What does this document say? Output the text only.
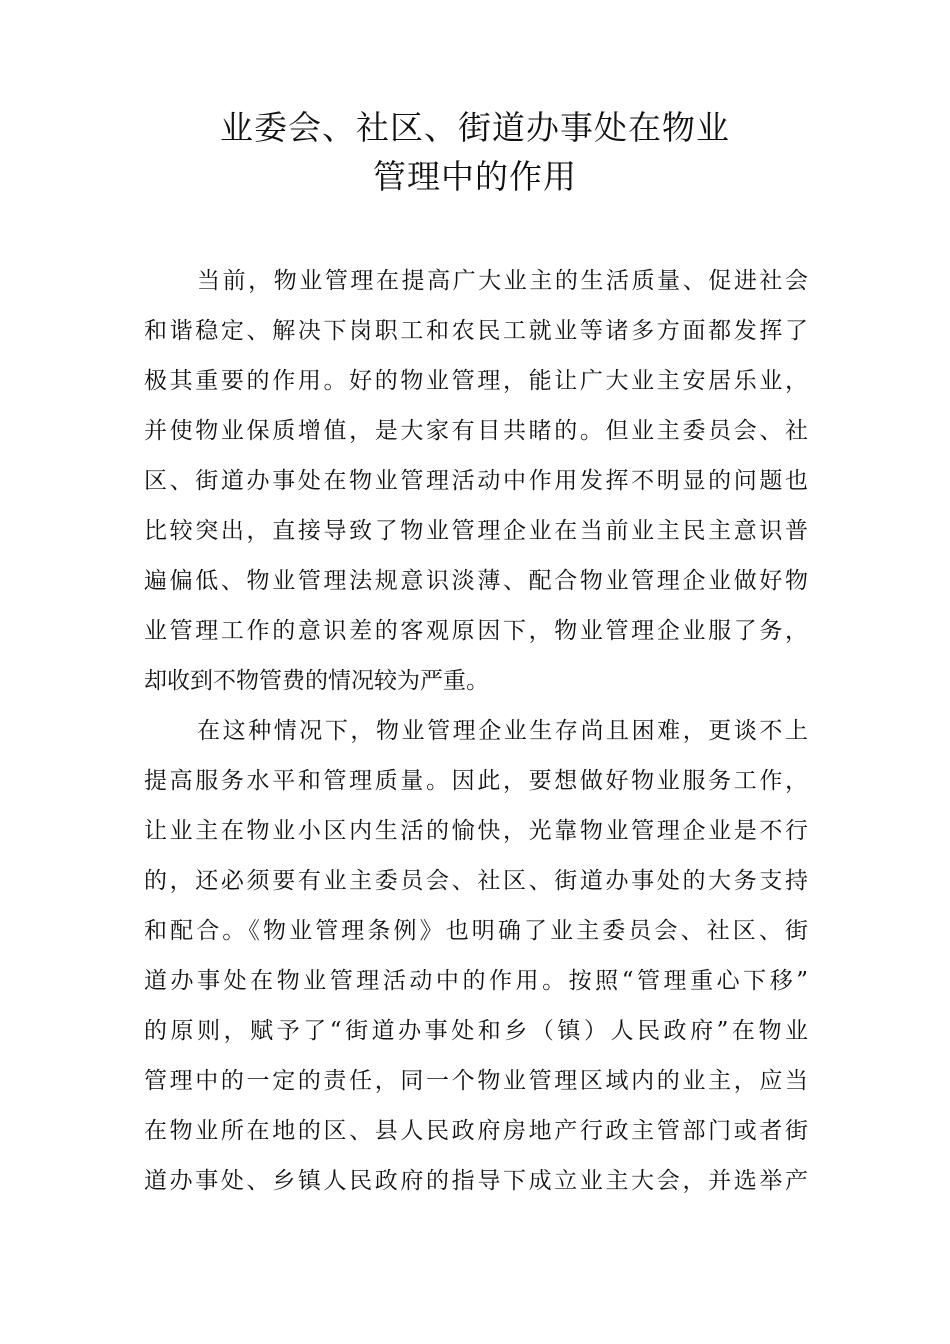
业委会、社区、街道办事处在物业
管理中的作用
当前，物业管理在提高广大业主的生活质量、促进社会
和谐稳定、解决下岗职工和农民工就业等诸多方面都发挥了
极其重要的作用。好的物业管理，能让广大业主安居乐业，
并使物业保质增值，是大家有目共睹的。但业主委员会、社
区、街道办事处在物业管理活动中作用发挥不明显的问题也
比较突出，直接导致了物业管理企业在当前业主民主意识普
遍偏低、物业管理法规意识淡薄、配合物业管理企业做好物
业管理工作的意识差的客观原因下，物业管理企业服了务，
却收到不物管费的情况较为严重。
在这种情况下，物业管理企业生存尚且困难，更谈不上
提高服务水平和管理质量。因此，要想做好物业服务工作，
让业主在物业小区内生活的愉快，光靠物业管理企业是不行
的，还必须要有业主委员会、社区、街道办事处的大务支持
和配合。《物业管理条例》也明确了业主委员会、社区、街
道办事处在物业管理活动中的作用。按照“管理重心下移”
的原则，赋予了“街道办事处和乡（镇）人民政府”在物业
管理中的一定的责任，同一个物业管理区域内的业主，应当
在物业所在地的区、县人民政府房地产行政主管部门或者街
道办事处、乡镇人民政府的指导下成立业主大会，并选举产
